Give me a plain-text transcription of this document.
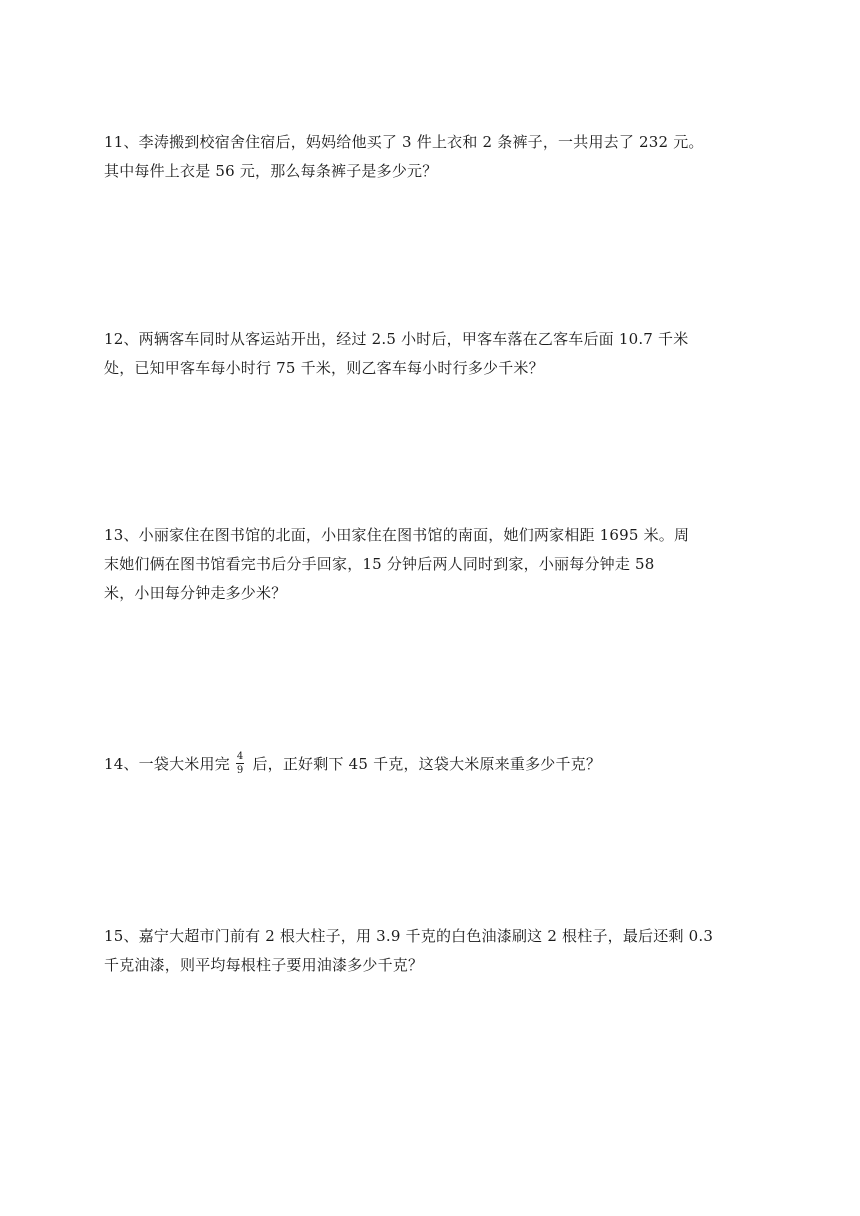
11、李涛搬到校宿舍住宿后，妈妈给他买了 3 件上衣和 2 条裤子，一共用去了 232 元。
其中每件上衣是 56 元，那么每条裤子是多少元？
12、两辆客车同时从客运站开出，经过 2.5 小时后，甲客车落在乙客车后面 10.7 千米
处，已知甲客车每小时行 75 千米，则乙客车每小时行多少千米？
13、小丽家住在图书馆的北面，小田家住在图书馆的南面，她们两家相距 1695 米。周
末她们俩在图书馆看完书后分手回家，15 分钟后两人同时到家，小丽每分钟走 58
米，小田每分钟走多少米？
14、一袋大米用完 $\frac{4}{9}$ 后，正好剩下 45 千克，这袋大米原来重多少千克？
15、嘉宁大超市门前有 2 根大柱子，用 3.9 千克的白色油漆刷这 2 根柱子，最后还剩 0.3
千克油漆，则平均每根柱子要用油漆多少千克？
